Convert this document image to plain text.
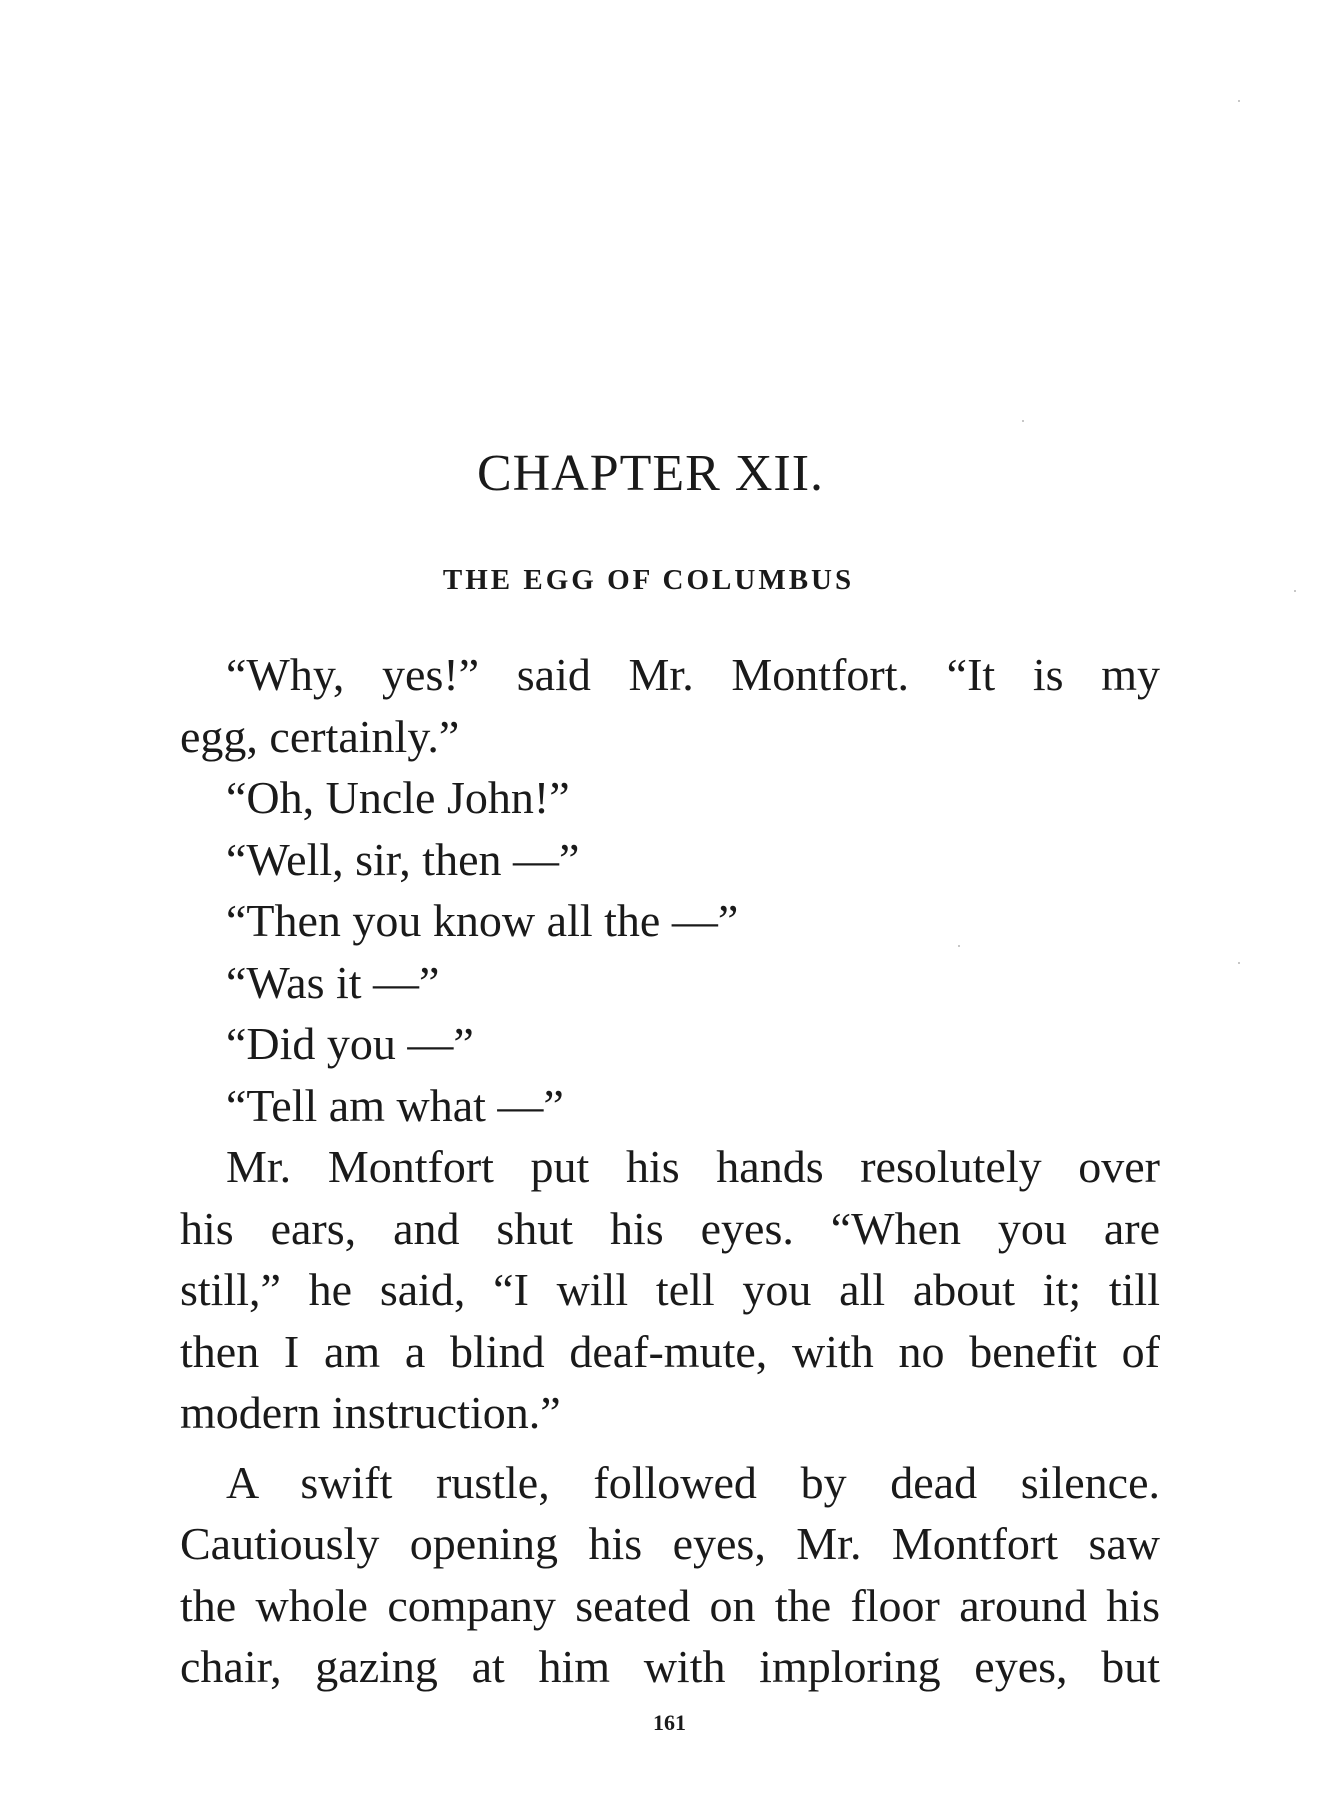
CHAPTER XII.
THE EGG OF COLUMBUS
“Why, yes!” said Mr. Montfort. “It is my
egg, certainly.”
“Oh, Uncle John!”
“Well, sir, then —”
“Then you know all the —”
“Was it —”
“Did you —”
“Tell am what —”
Mr. Montfort put his hands resolutely over
his ears, and shut his eyes. “When you are
still,” he said, “I will tell you all about it; till
then I am a blind deaf-mute, with no benefit of
modern instruction.”
A swift rustle, followed by dead silence.
Cautiously opening his eyes, Mr. Montfort saw
the whole company seated on the floor around his
chair, gazing at him with imploring eyes, but
161
